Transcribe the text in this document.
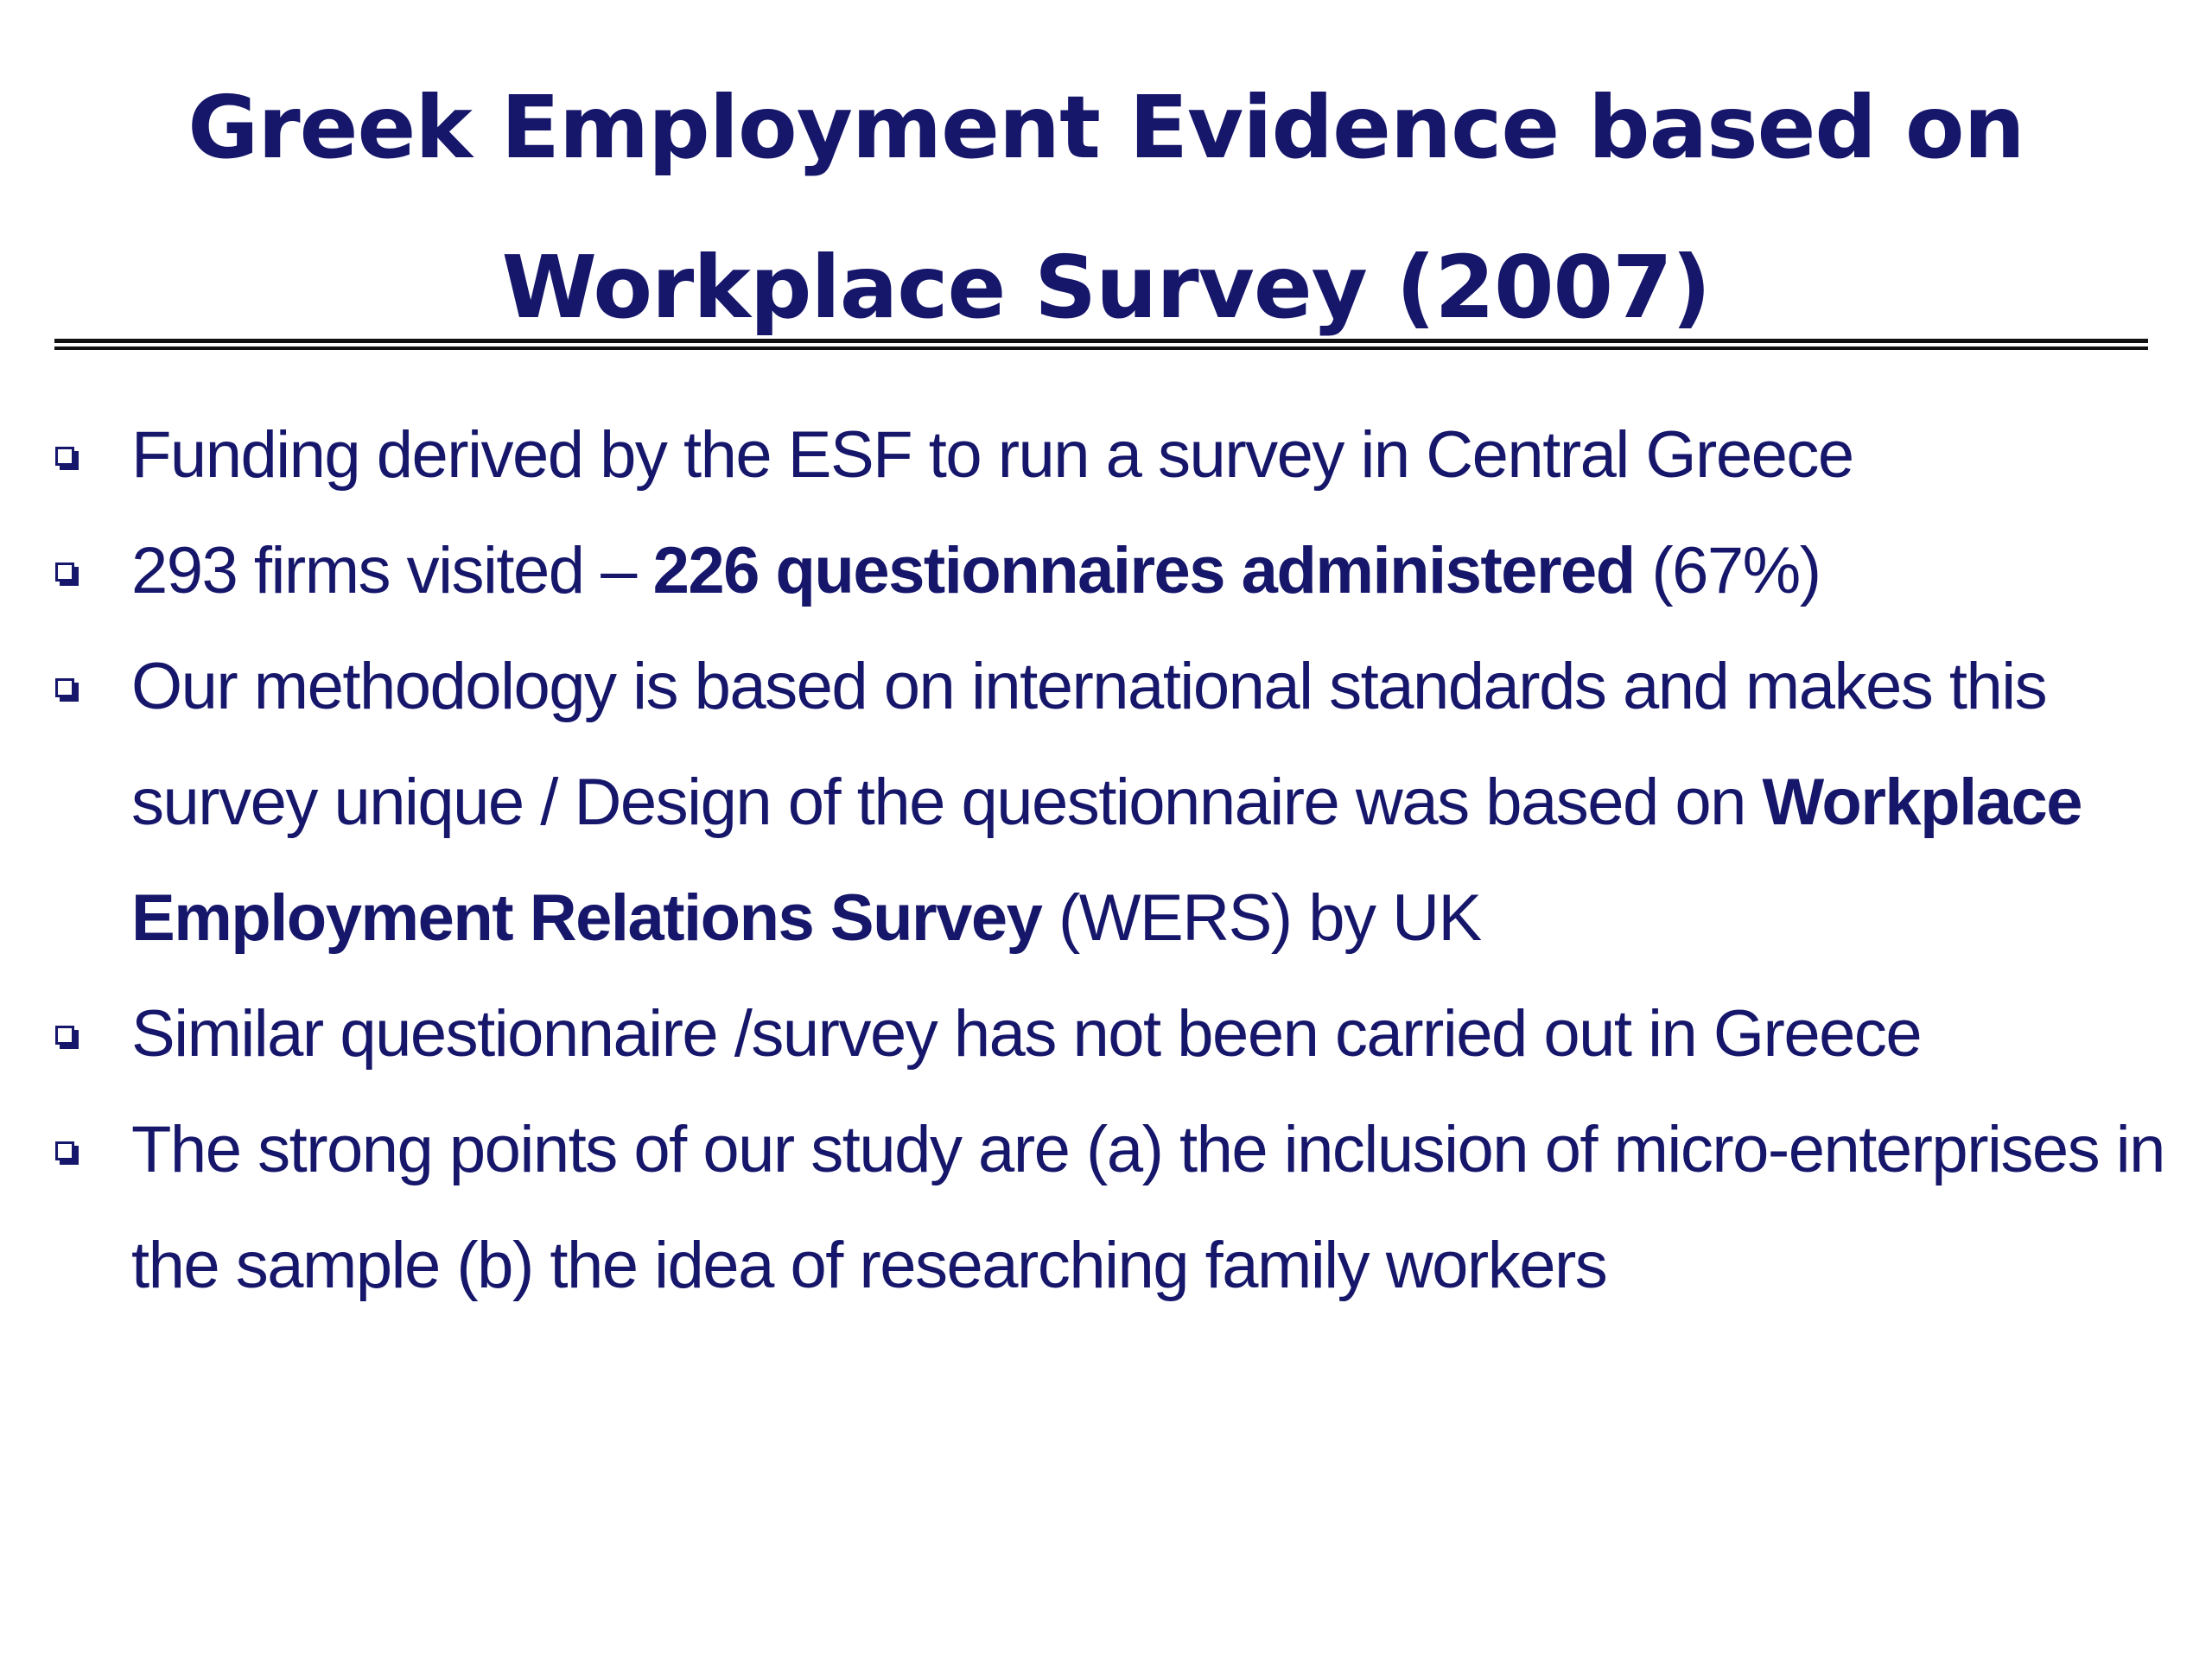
Greek Employment Evidence based on
Workplace Survey (2007)
Funding derived by the ESF to run a survey in Central Greece
293 firms visited – 226 questionnaires administered (67%)
Our methodology is based on international standards and makes this survey unique / Design of the questionnaire was based on Workplace Employment Relations Survey (WERS) by UK
Similar questionnaire /survey has not been carried out in Greece
The strong points of our study are (a) the inclusion of micro-enterprises in the sample (b) the idea of researching family workers
